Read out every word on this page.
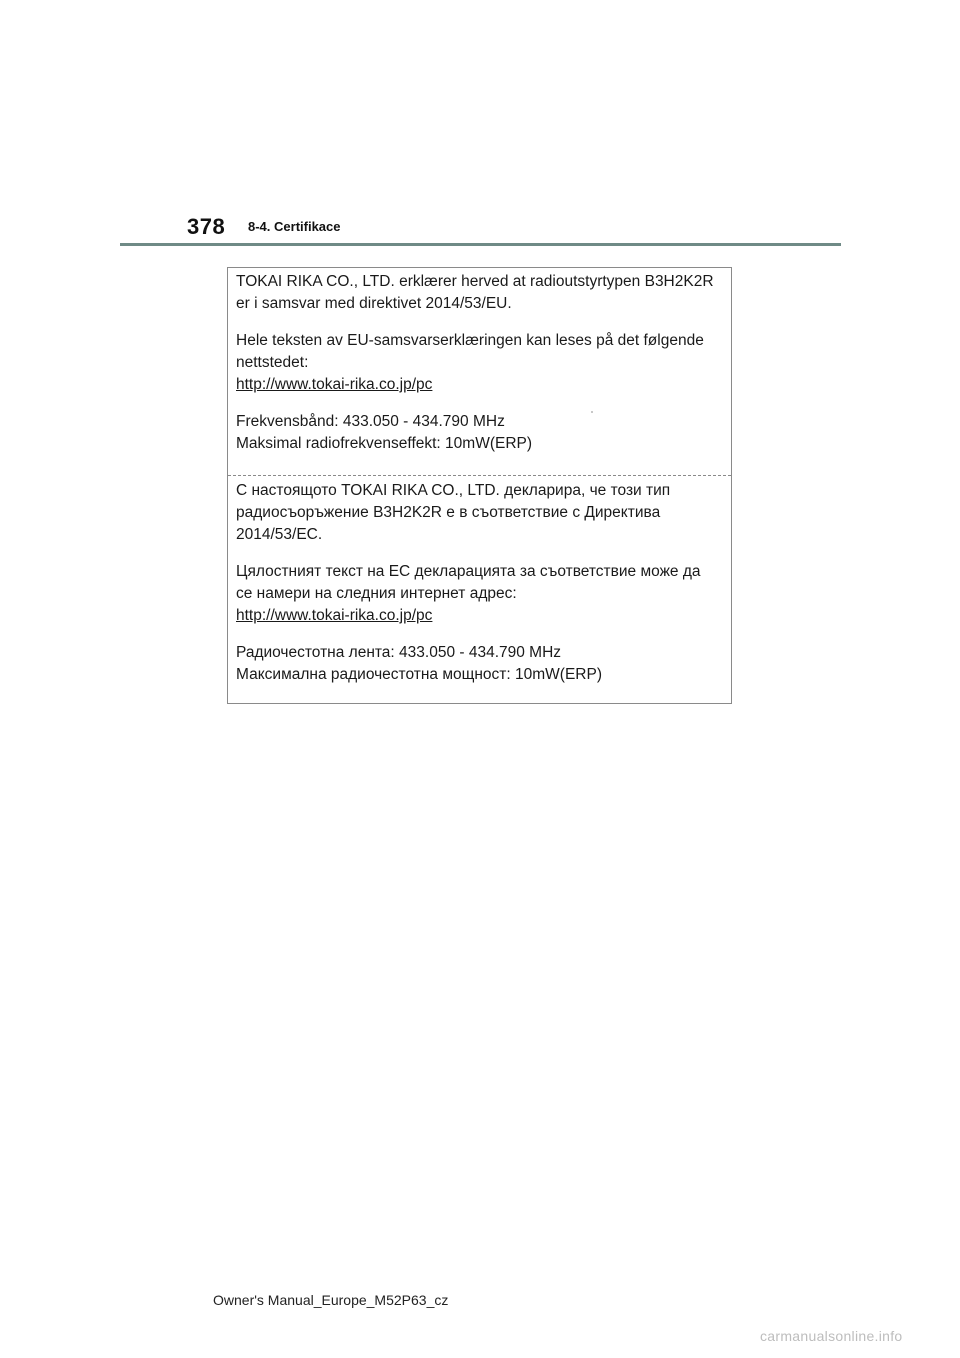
378 8-4. Certifikace

TOKAI RIKA CO., LTD. erklærer herved at radioutstyrtypen B3H2K2R

er i samsvar med direktivet 2014/53/EU.

Hele teksten av EU-samsvarserklæringen kan leses på det følgende

nettstedet:

http://www.tokai-rika.co.jp/pc

Frekvensbånd: 433.050 - 434.790 MHz

Maksimal radiofrekvenseffekt: 10mW(ERP)

С настоящото TOKAI RIKA CO., LTD. декларира, че този тип

радиосъоръжение B3H2K2R е в съответствие с Директива

2014/53/ЕС.

Цялостният текст на ЕС декларацията за съответствие може да

се намери на следния интернет адрес:

http://www.tokai-rika.co.jp/pc

Радиочестотна лента: 433.050 - 434.790 MHz

Максимална радиочестотна мощност: 10mW(ERP)

Owner's Manual_Europe_M52P63_cz
carmanualsonline.info
